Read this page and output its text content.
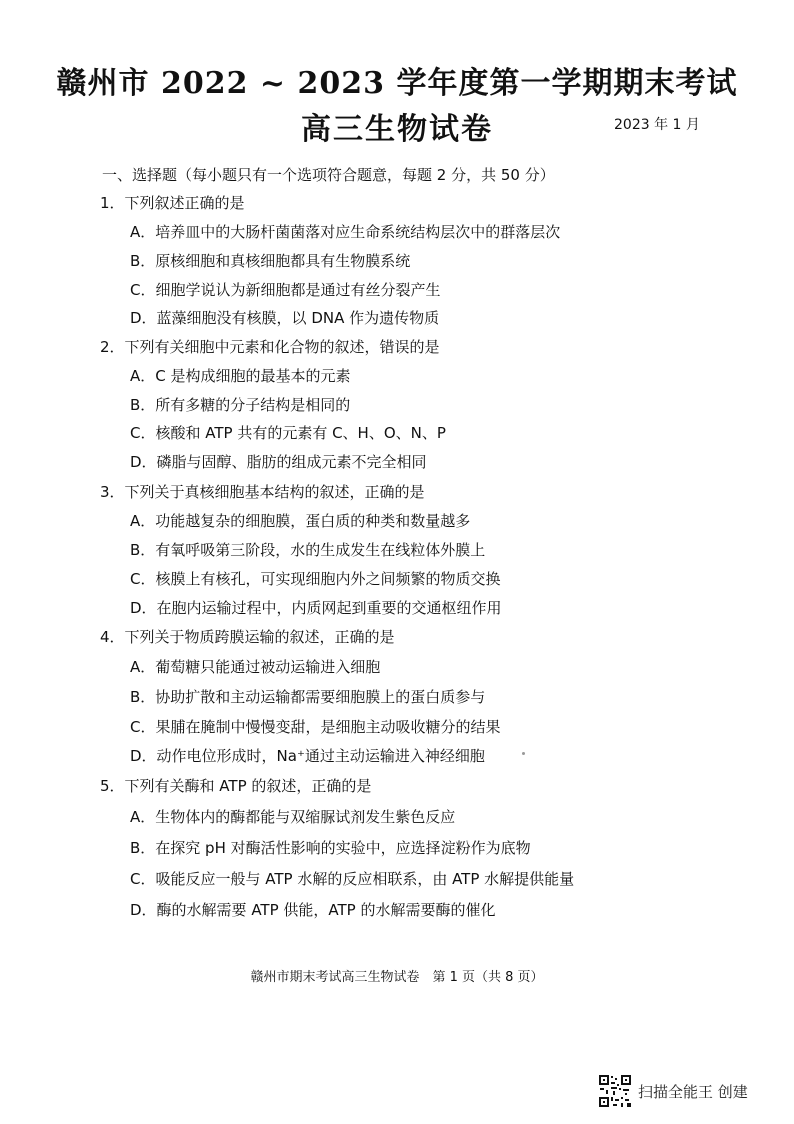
赣州市 2022 ~ 2023 学年度第一学期期末考试
高三生物试卷	2023 年 1 月
一、选择题（每小题只有一个选项符合题意，每题 2 分，共 50 分）
1．下列叙述正确的是
A．培养皿中的大肠杆菌菌落对应生命系统结构层次中的群落层次
B．原核细胞和真核细胞都具有生物膜系统
C．细胞学说认为新细胞都是通过有丝分裂产生
D．蓝藻细胞没有核膜，以 DNA 作为遗传物质
2．下列有关细胞中元素和化合物的叙述，错误的是
A．C 是构成细胞的最基本的元素
B．所有多糖的分子结构是相同的
C．核酸和 ATP 共有的元素有 C、H、O、N、P
D．磷脂与固醇、脂肪的组成元素不完全相同
3．下列关于真核细胞基本结构的叙述，正确的是
A．功能越复杂的细胞膜，蛋白质的种类和数量越多
B．有氧呼吸第三阶段，水的生成发生在线粒体外膜上
C．核膜上有核孔，可实现细胞内外之间频繁的物质交换
D．在胞内运输过程中，内质网起到重要的交通枢纽作用
4．下列关于物质跨膜运输的叙述，正确的是
A．葡萄糖只能通过被动运输进入细胞
B．协助扩散和主动运输都需要细胞膜上的蛋白质参与
C．果脯在腌制中慢慢变甜，是细胞主动吸收糖分的结果
D．动作电位形成时，Na⁺通过主动运输进入神经细胞
5．下列有关酶和 ATP 的叙述，正确的是
A．生物体内的酶都能与双缩脲试剂发生紫色反应
B．在探究 pH 对酶活性影响的实验中，应选择淀粉作为底物
C．吸能反应一般与 ATP 水解的反应相联系，由 ATP 水解提供能量
D．酶的水解需要 ATP 供能，ATP 的水解需要酶的催化
赣州市期末考试高三生物试卷　第 1 页（共 8 页）
扫描全能王 创建
